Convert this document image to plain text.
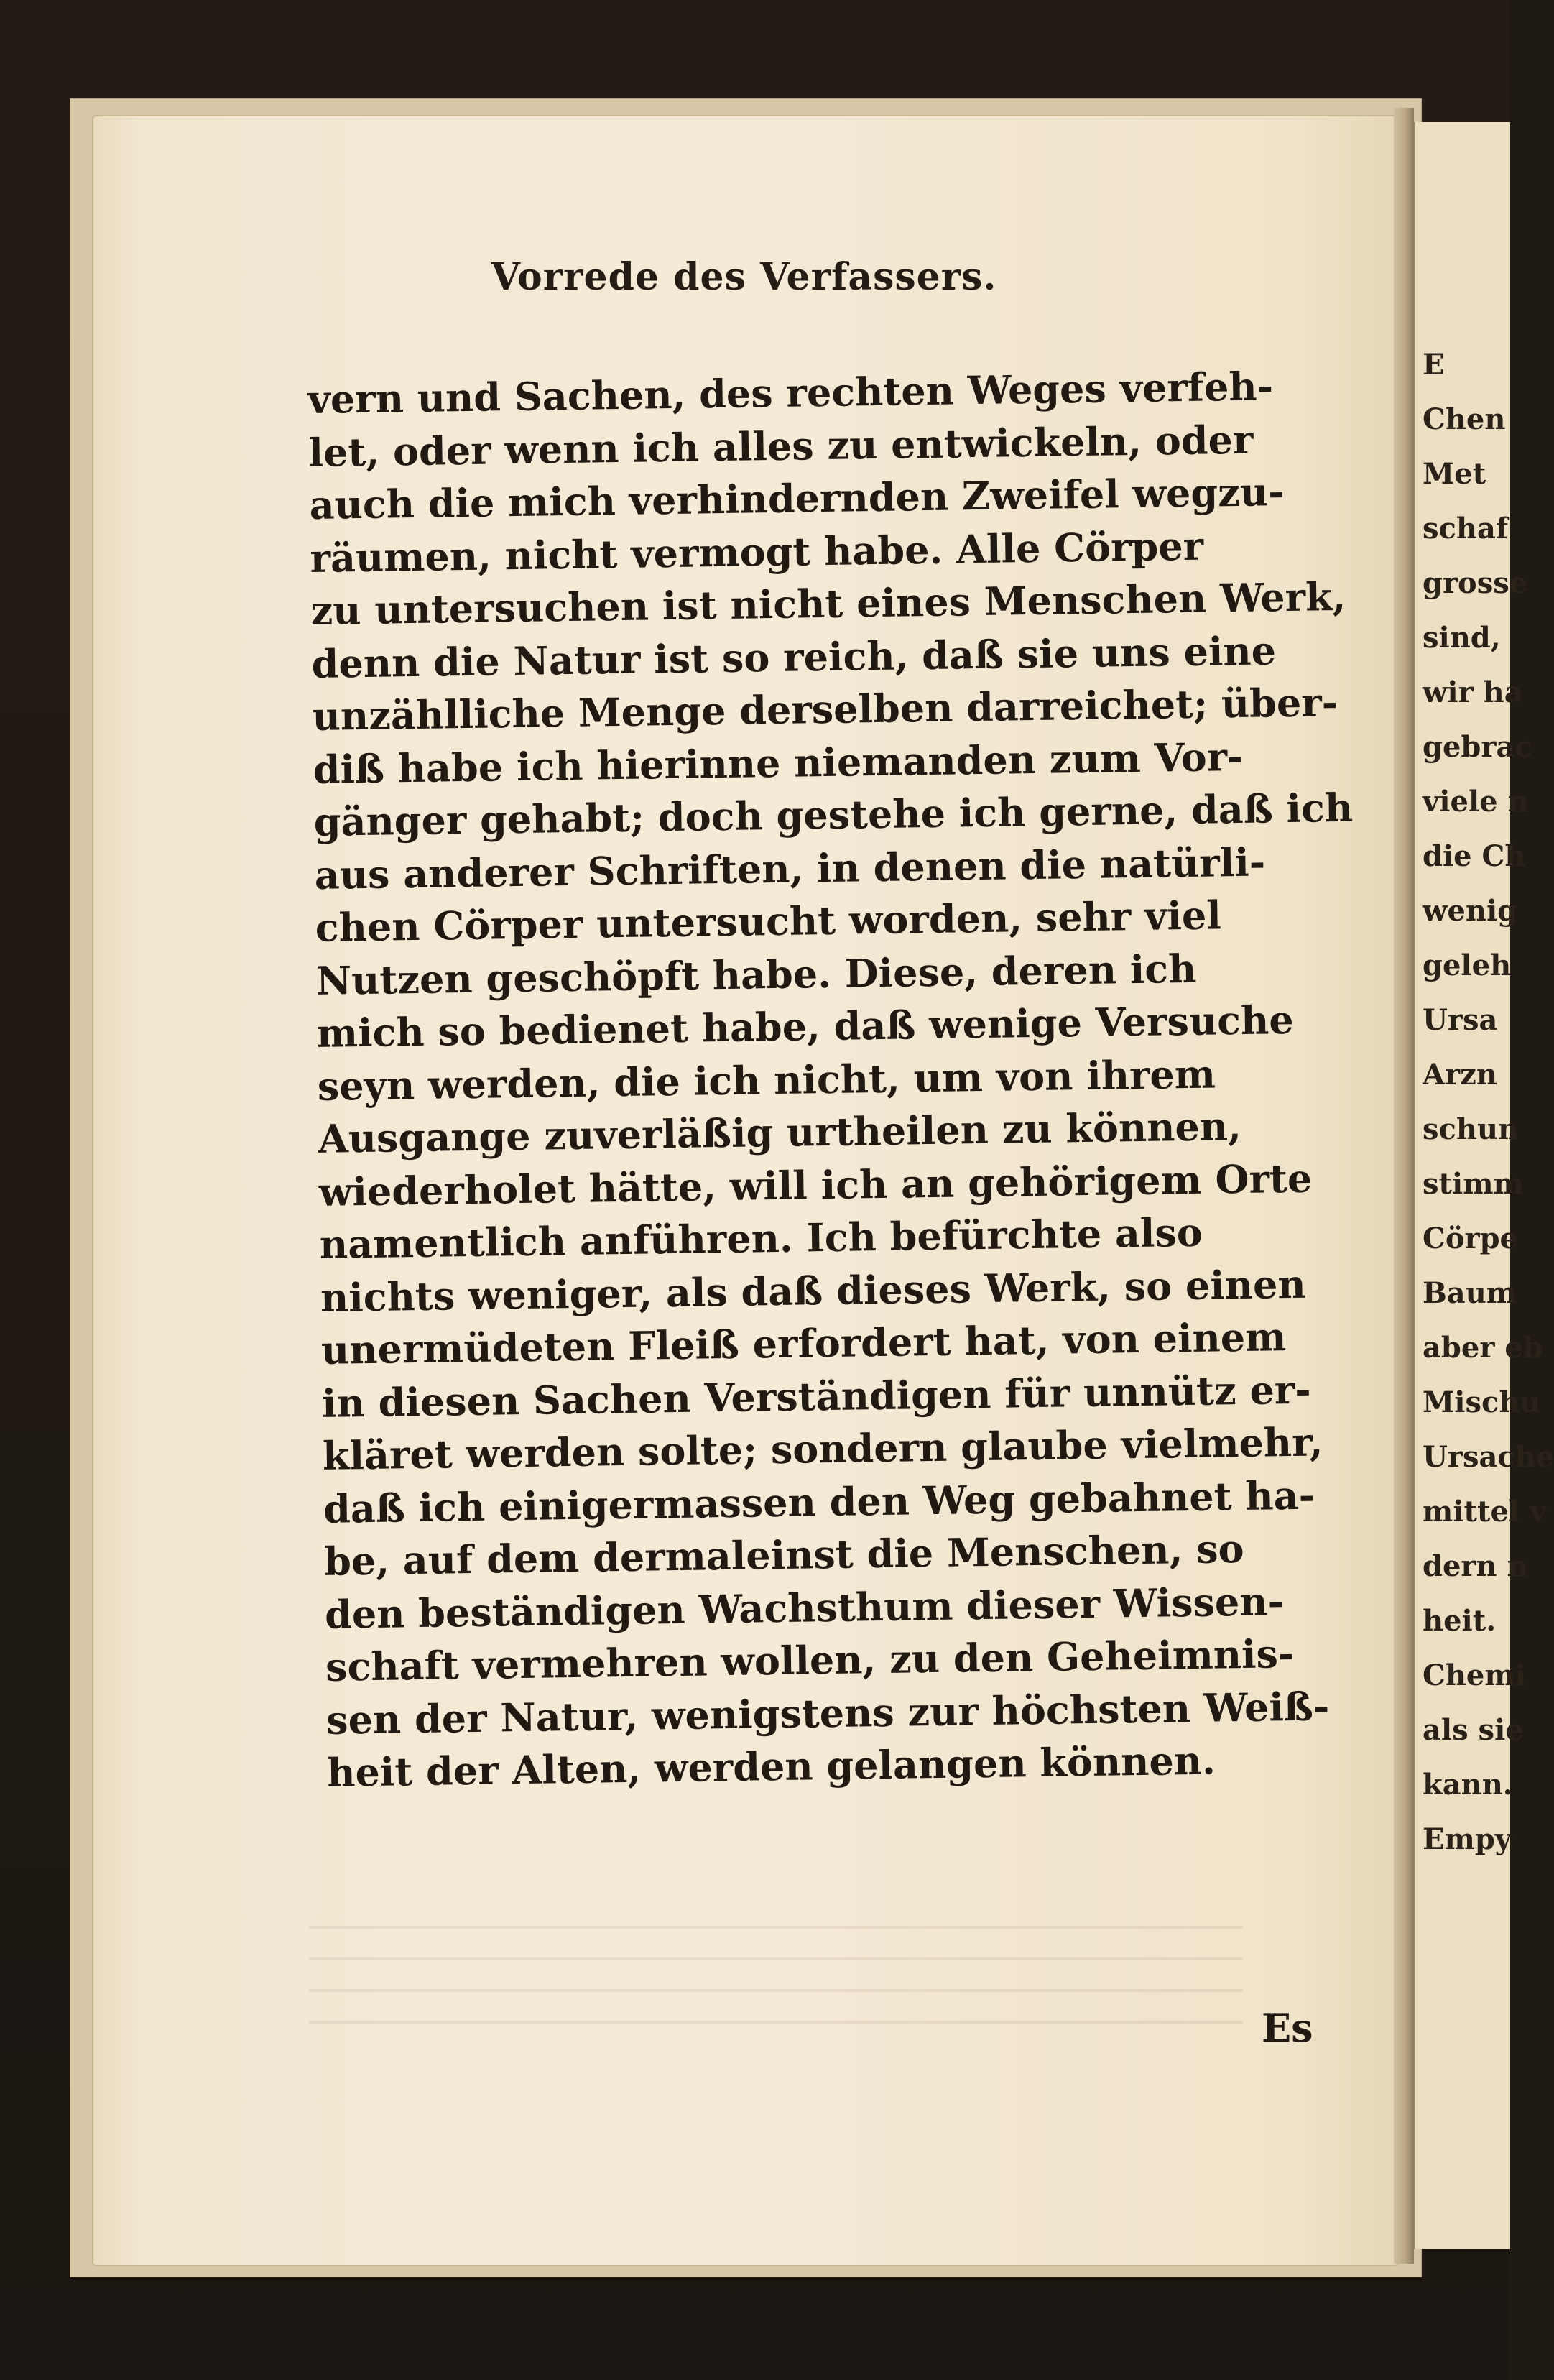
E
Chen
Met
schaf
grosse
sind,
wir ha
gebrac
viele n
die Ch
wenig
geleh
Ursa
Arzn
schun
stimm
Cörpe
Baum
aber eb
Mischu
Ursache
mittel v
dern n
heit.
Chemi
als sie
kann.
Empy
Vorrede des Verfassers.
vern und Sachen, des rechten Weges verfeh-
let, oder wenn ich alles zu entwickeln, oder
auch die mich verhindernden Zweifel wegzu-
räumen, nicht vermogt habe. Alle Cörper
zu untersuchen ist nicht eines Menschen Werk,
denn die Natur ist so reich, daß sie uns eine
unzählliche Menge derselben darreichet; über-
diß habe ich hierinne niemanden zum Vor-
gänger gehabt; doch gestehe ich gerne, daß ich
aus anderer Schriften, in denen die natürli-
chen Cörper untersucht worden, sehr viel
Nutzen geschöpft habe. Diese, deren ich
mich so bedienet habe, daß wenige Versuche
seyn werden, die ich nicht, um von ihrem
Ausgange zuverläßig urtheilen zu können,
wiederholet hätte, will ich an gehörigem Orte
namentlich anführen. Ich befürchte also
nichts weniger, als daß dieses Werk, so einen
unermüdeten Fleiß erfordert hat, von einem
in diesen Sachen Verständigen für unnütz er-
kläret werden solte; sondern glaube vielmehr,
daß ich einigermassen den Weg gebahnet ha-
be, auf dem dermaleinst die Menschen, so
den beständigen Wachsthum dieser Wissen-
schaft vermehren wollen, zu den Geheimnis-
sen der Natur, wenigstens zur höchsten Weiß-
heit der Alten, werden gelangen können.
Es
